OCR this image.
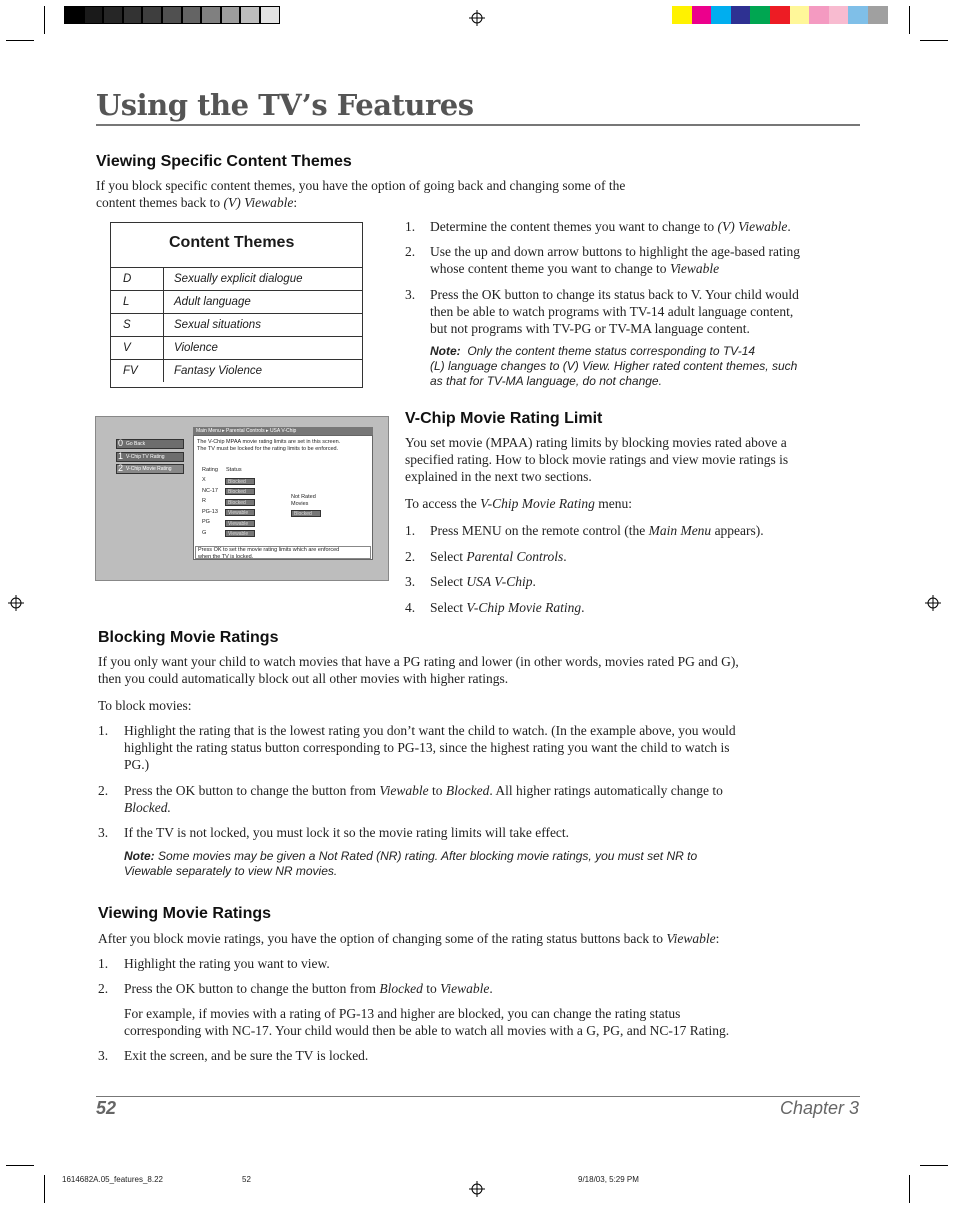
Using the TV’s Features
Viewing Specific Content Themes
If you block specific content themes, you have the option of going back and changing some of the
content themes back to (V) Viewable:
Content Themes
D	Sexually explicit dialogue
L	Adult language
S	Sexual situations
V	Violence
FV	Fantasy Violence
1. Determine the content themes you want to change to (V) Viewable.
2. Use the up and down arrow buttons to highlight the age-based rating
whose content theme you want to change to Viewable
3. Press the OK button to change its status back to V. Your child would
then be able to watch programs with TV-14 adult language content,
but not programs with TV-PG or TV-MA language content.
Note: Only the content theme status corresponding to TV-14
(L) language changes to (V) View. Higher rated content themes, such
as that for TV-MA language, do not change.
0 Go Back
1 V-Chip TV Rating
2 V-Chip Movie Rating
Main Menu ▸ Parental Controls ▸ USA V-Chip
The V-Chip MPAA movie rating limits are set in this screen.
The TV must be locked for the rating limits to be enforced.
Rating Status
X	Blocked
NC-17	Blocked
R	Blocked
PG-13	Viewable
PG	Viewable
G	Viewable
Not Rated
Movies
Blocked
Press OK to set the movie rating limits which are enforced
when the TV is locked.
V-Chip Movie Rating Limit
You set movie (MPAA) rating limits by blocking movies rated above a
specified rating. How to block movie ratings and view movie ratings is
explained in the next two sections.
To access the V-Chip Movie Rating menu:
1. Press MENU on the remote control (the Main Menu appears).
2. Select Parental Controls.
3. Select USA V-Chip.
4. Select V-Chip Movie Rating.
Blocking Movie Ratings
If you only want your child to watch movies that have a PG rating and lower (in other words, movies rated PG and G),
then you could automatically block out all other movies with higher ratings.
To block movies:
1. Highlight the rating that is the lowest rating you don’t want the child to watch. (In the example above, you would
highlight the rating status button corresponding to PG-13, since the highest rating you want the child to watch is
PG.)
2. Press the OK button to change the button from Viewable to Blocked. All higher ratings automatically change to
Blocked.
3. If the TV is not locked, you must lock it so the movie rating limits will take effect.
Note: Some movies may be given a Not Rated (NR) rating. After blocking movie ratings, you must set NR to
Viewable separately to view NR movies.
Viewing Movie Ratings
After you block movie ratings, you have the option of changing some of the rating status buttons back to Viewable:
1. Highlight the rating you want to view.
2. Press the OK button to change the button from Blocked to Viewable.
For example, if movies with a rating of PG-13 and higher are blocked, you can change the rating status
corresponding with NC-17. Your child would then be able to watch all movies with a G, PG, and NC-17 Rating.
3. Exit the screen, and be sure the TV is locked.
52	Chapter 3
1614682A.05_features_8.22	52	9/18/03, 5:29 PM
